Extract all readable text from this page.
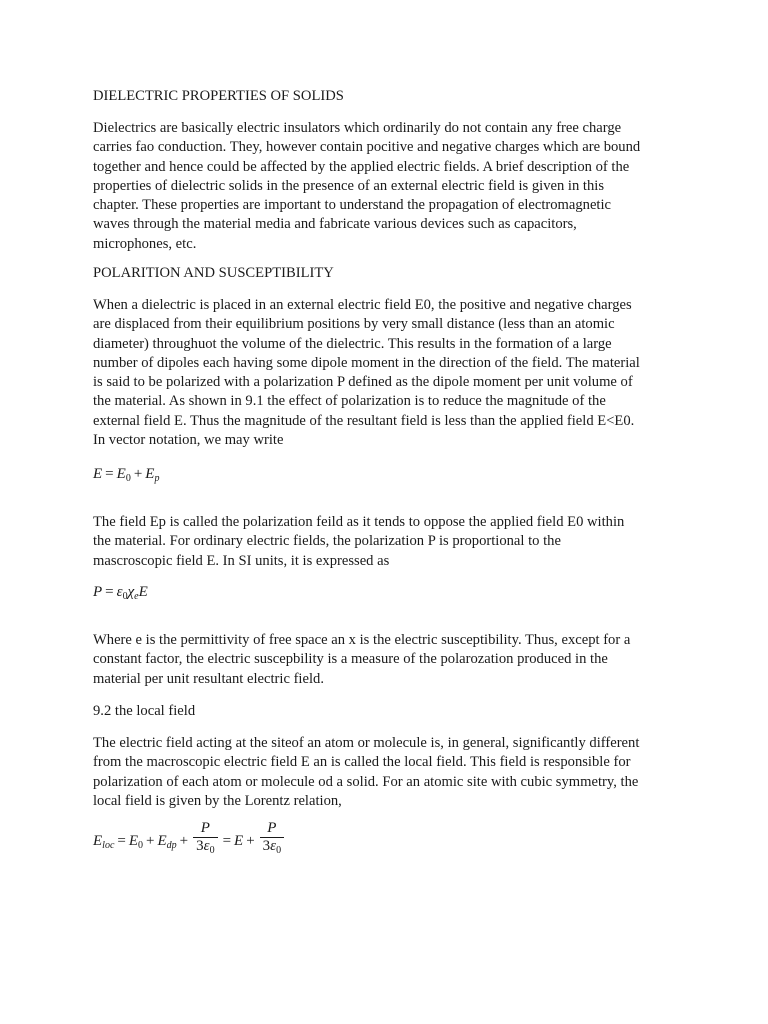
DIELECTRIC PROPERTIES OF SOLIDS
Dielectrics are basically electric insulators which ordinarily do not contain any free charge
carries fao conduction. They, however contain pocitive and negative charges which are bound
together and hence could be affected by the applied electric fields. A brief description of the
properties of dielectric solids in the presence of an external electric field is given in this
chapter. These properties are important to understand the propagation of electromagnetic
waves through the material media and fabricate various devices such as capacitors,
microphones, etc.
POLARITION AND SUSCEPTIBILITY
When a dielectric is placed in an external electric field E0, the positive and negative charges
are displaced from their equilibrium positions by very small distance (less than an atomic
diameter) throughuot the volume of the dielectric. This results in the formation of a large
number of dipoles each having some dipole moment in the direction of the field. The material
is said to be polarized with a polarization P defined as the dipole moment per unit volume of
the material. As shown in 9.1 the effect of polarization is to reduce the magnitude of the
external field E. Thus the magnitude of the resultant field is less than the applied field E<E0.
In vector notation, we may write
$E = E_0 + E_p$
The field Ep is called the polarization feild as it tends to oppose the applied field E0 within
the material. For ordinary electric fields, the polarization P is proportional to the
mascroscopic field E. In SI units, it is expressed as
$P = \varepsilon_0\chi_eE$
Where e is the permittivity of free space an x is the electric susceptibility. Thus, except for a
constant factor, the electric suscepbility is a measure of the polarozation produced in the
material per unit resultant electric field.
9.2 the local field
The electric field acting at the siteof an atom or molecule is, in general, significantly different
from the macroscopic electric field E an is called the local field. This field is responsible for
polarization of each atom or molecule od a solid. For an atomic site with cubic symmetry, the
local field is given by the Lorentz relation,
$E_{loc} = E_0 + E_{dp} + \frac{P}{3\varepsilon_0} = E + \frac{P}{3\varepsilon_0}$
